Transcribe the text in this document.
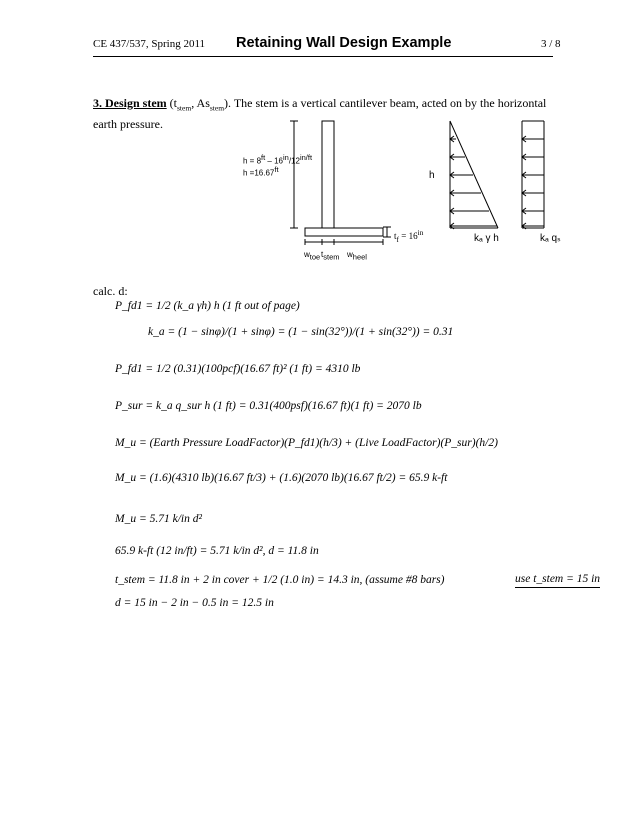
CE 437/537, Spring 2011 Retaining Wall Design Example	3 / 8
3. Design stem ($t_{stem}$, $As_{stem}$). The stem is a vertical cantilever beam, acted on by the horizontal earth pressure.
$h = 8^{ft} - 16^{in}/12^{in/ft}$
$h =16.67^{ft}$
$t_f = 16^{in}$
$w_{toe}$ $t_{stem}$ $w_{heel}$
h
kₐ γ h	kₐ qₛ
calc. d:
P_fd1 = 1/2 (k_a γh) h (1 ft out of page)
k_a = (1 − sinφ)/(1 + sinφ) = (1 − sin(32°))/(1 + sin(32°)) = 0.31
P_fd1 = 1/2 (0.31)(100pcf)(16.67 ft)² (1 ft) = 4310 lb
P_sur = k_a q_sur h (1 ft) = 0.31(400psf)(16.67 ft)(1 ft) = 2070 lb
M_u = (Earth Pressure LoadFactor)(P_fd1)(h/3) + (Live LoadFactor)(P_sur)(h/2)
M_u = (1.6)(4310 lb)(16.67 ft/3) + (1.6)(2070 lb)(16.67 ft/2) = 65.9 k-ft
M_u = 5.71 k/in d²
65.9 k-ft (12 in/ft) = 5.71 k/in d², d = 11.8 in
t_stem = 11.8 in + 2 in cover + 1/2 (1.0 in) = 14.3 in, (assume #8 bars)
d = 15 in − 2 in − 0.5 in = 12.5 in
use t_stem = 15 in
